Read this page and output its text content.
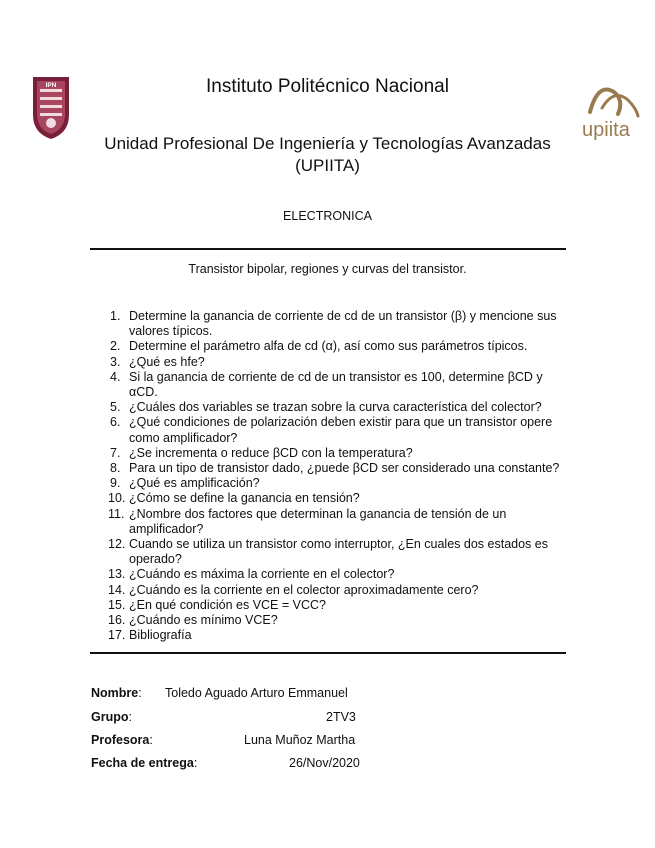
IPN
upiita
Instituto Politécnico Nacional
Unidad Profesional De Ingeniería y Tecnologías Avanzadas
(UPIITA)
ELECTRONICA
Transistor bipolar, regiones y curvas del transistor.
1. Determine la ganancia de corriente de cd de un transistor (β) y mencione sus valores típicos.
2. Determine el parámetro alfa de cd (α), así como sus parámetros típicos.
3. ¿Qué es hfe?
4. Si la ganancia de corriente de cd de un transistor es 100, determine βCD y αCD.
5. ¿Cuáles dos variables se trazan sobre la curva característica del colector?
6. ¿Qué condiciones de polarización deben existir para que un transistor opere como amplificador?
7. ¿Se incrementa o reduce βCD con la temperatura?
8. Para un tipo de transistor dado, ¿puede βCD ser considerado una constante?
9. ¿Qué es amplificación?
10. ¿Cómo se define la ganancia en tensión?
11. ¿Nombre dos factores que determinan la ganancia de tensión de un amplificador?
12. Cuando se utiliza un transistor como interruptor, ¿En cuales dos estados es operado?
13. ¿Cuándo es máxima la corriente en el colector?
14. ¿Cuándo es la corriente en el colector aproximadamente cero?
15. ¿En qué condición es VCE = VCC?
16. ¿Cuándo es mínimo VCE?
17. Bibliografía
Nombre: Toledo Aguado Arturo Emmanuel
Grupo:	2TV3
Profesora:	Luna Muñoz Martha
Fecha de entrega:	26/Nov/2020
